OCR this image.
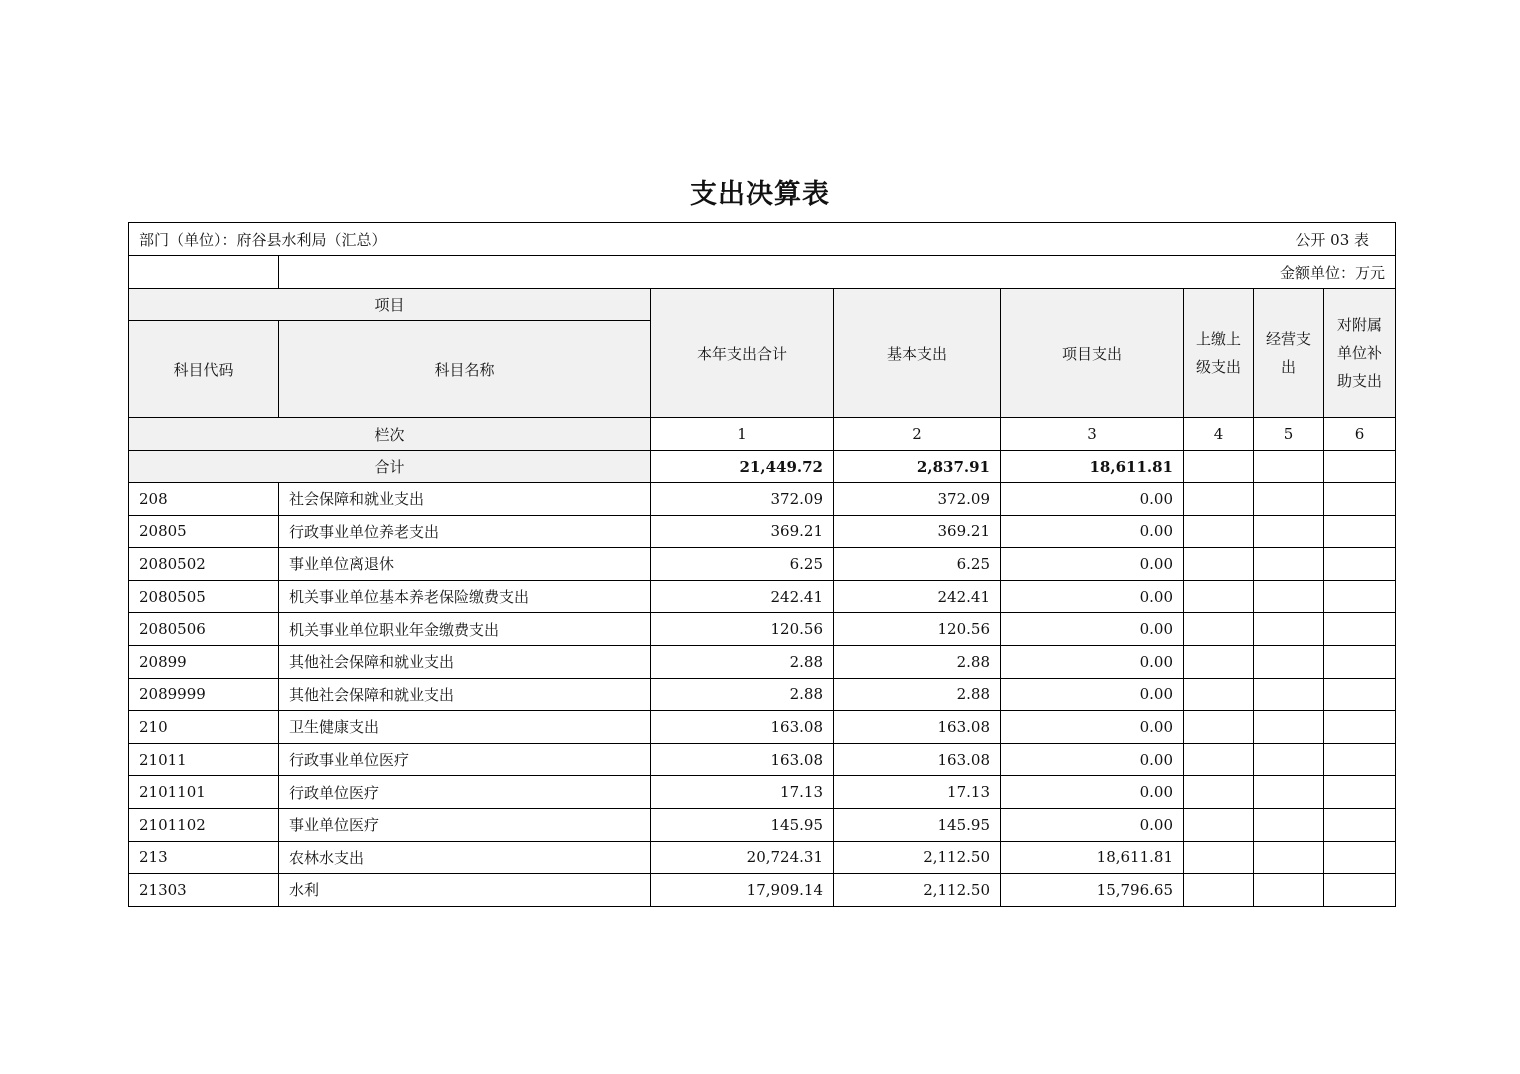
支出决算表
部门（单位）：府谷县水利局（汇总） 公开 03 表							

	金额单位：万元						
项目		本年支出合计	基本支出	项目支出	上缴上级支出	经营支出	对附属单位补助支出
科目代码	科目名称						
栏次		1	2	3	4	5	6
合计		21,449.72	2,837.91	18,611.81			
208	社会保障和就业支出	372.09	372.09	0.00			
20805	行政事业单位养老支出	369.21	369.21	0.00			
2080502	事业单位离退休	6.25	6.25	0.00			
2080505	机关事业单位基本养老保险缴费支出	242.41	242.41	0.00			
2080506	机关事业单位职业年金缴费支出	120.56	120.56	0.00			
20899	其他社会保障和就业支出	2.88	2.88	0.00			
2089999	其他社会保障和就业支出	2.88	2.88	0.00			
210	卫生健康支出	163.08	163.08	0.00			
21011	行政事业单位医疗	163.08	163.08	0.00			
2101101	行政单位医疗	17.13	17.13	0.00			
2101102	事业单位医疗	145.95	145.95	0.00			
213	农林水支出	20,724.31	2,112.50	18,611.81			
21303	水利	17,909.14	2,112.50	15,796.65			
